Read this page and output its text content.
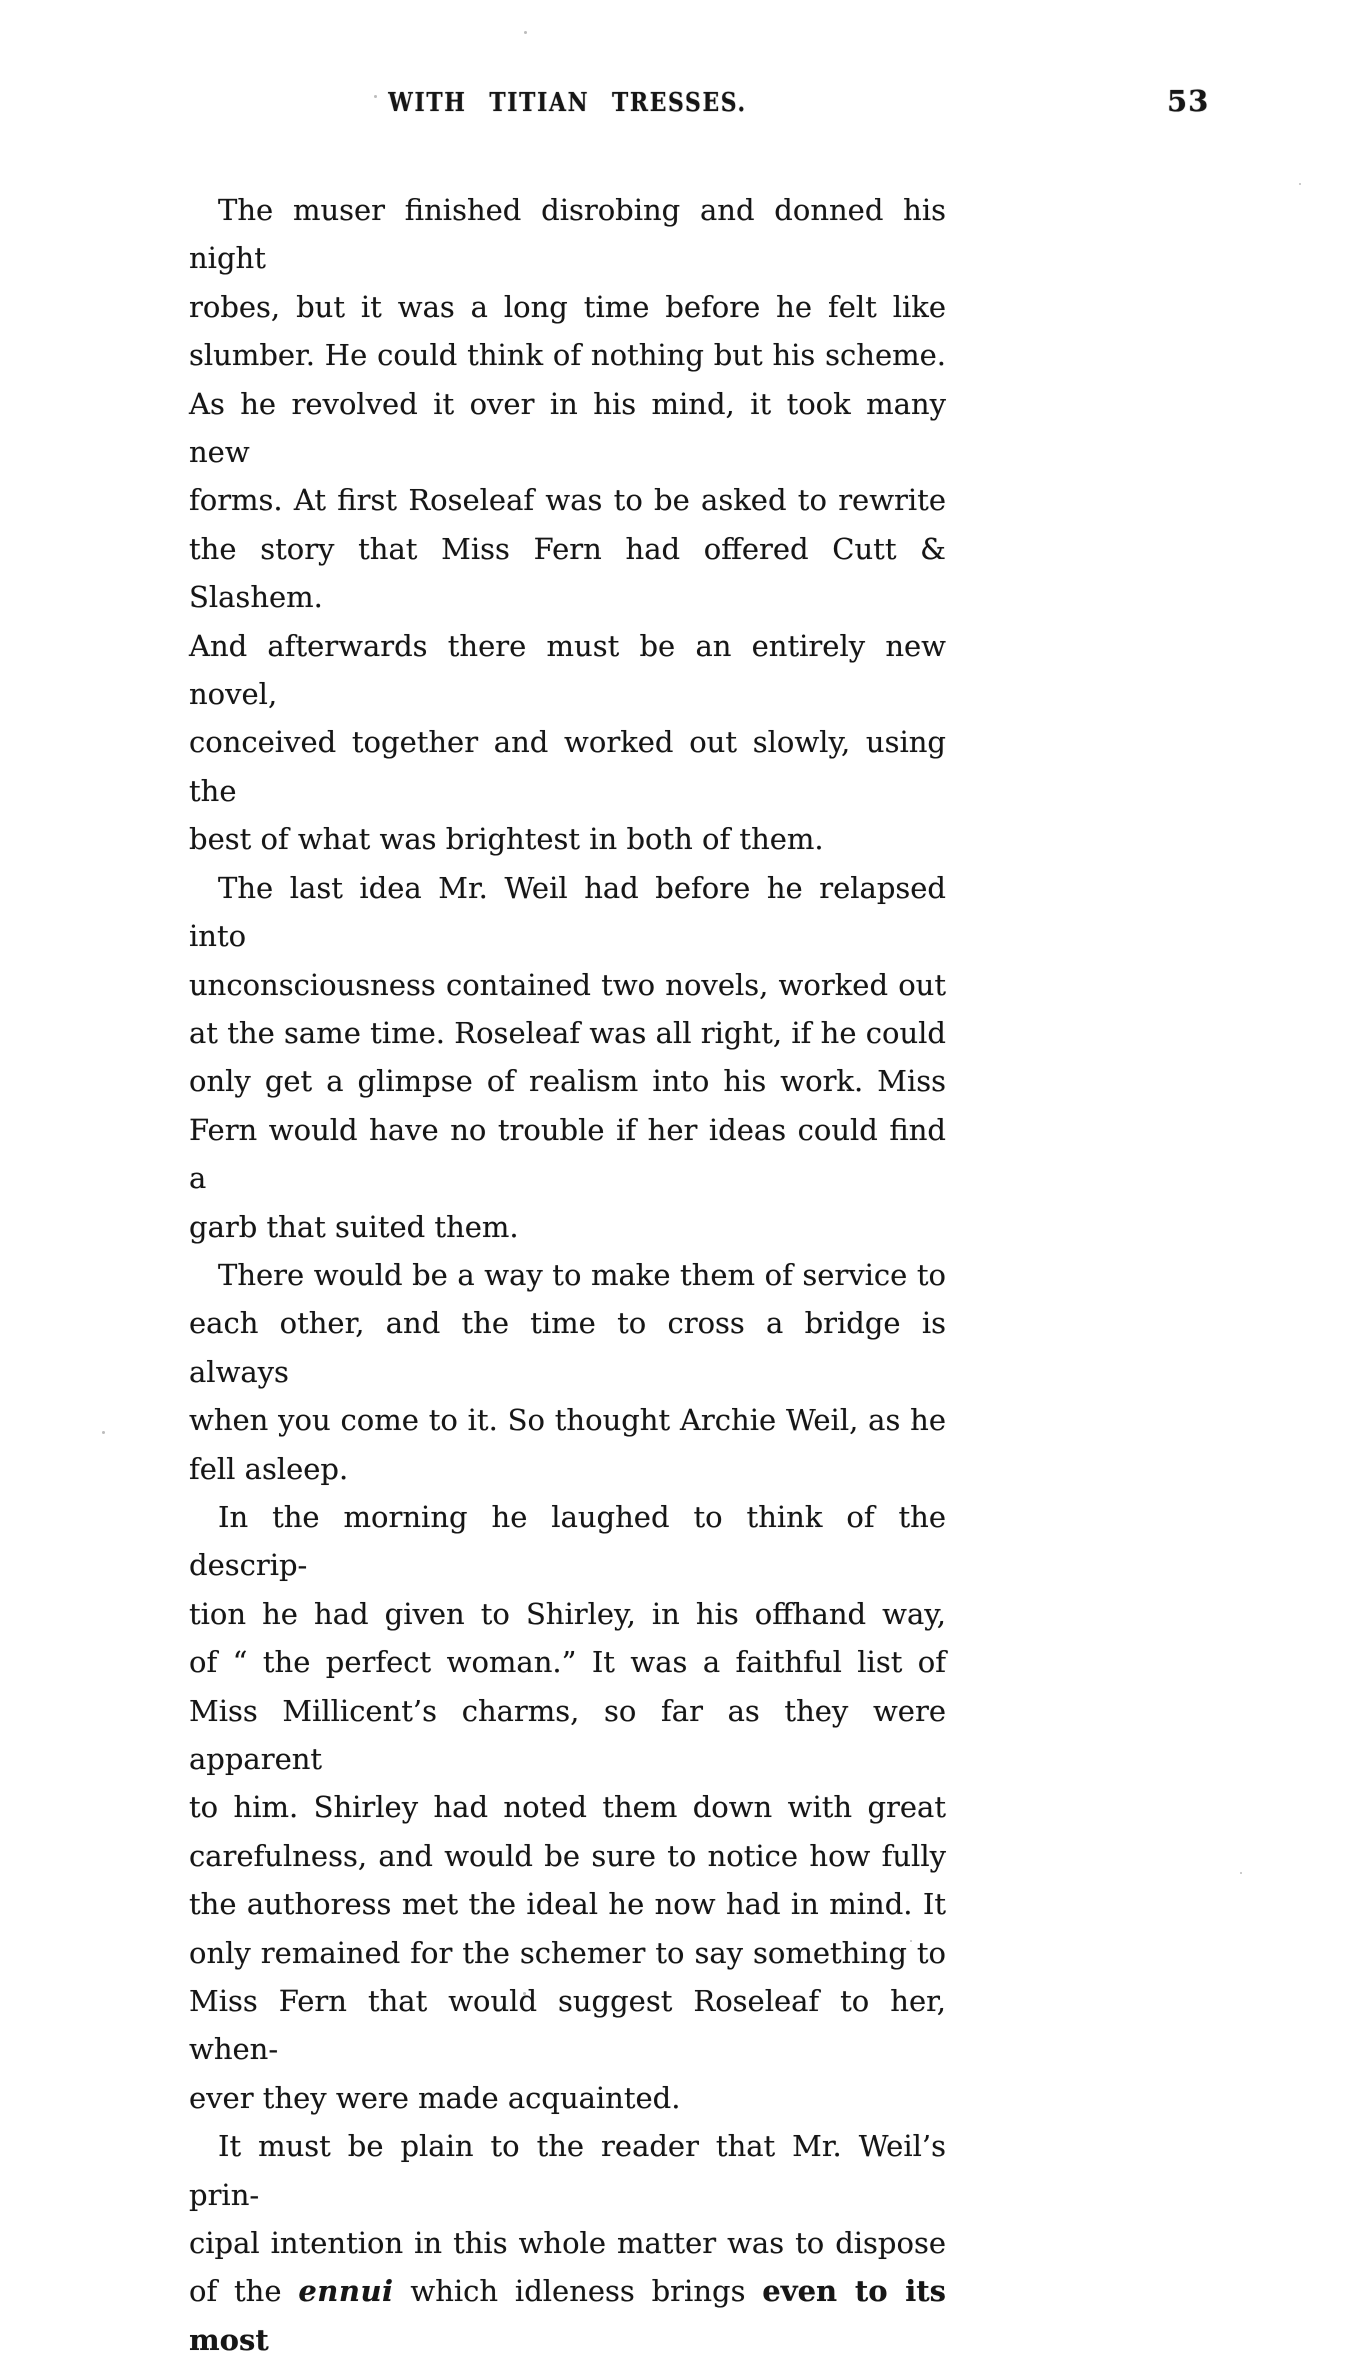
WITH TITIAN TRESSES.	53
The muser finished disrobing and donned his night
robes, but it was a long time before he felt like
slumber. He could think of nothing but his scheme.
As he revolved it over in his mind, it took many new
forms. At first Roseleaf was to be asked to rewrite
the story that Miss Fern had offered Cutt & Slashem.
And afterwards there must be an entirely new novel,
conceived together and worked out slowly, using the
best of what was brightest in both of them.
The last idea Mr. Weil had before he relapsed into
unconsciousness contained two novels, worked out
at the same time. Roseleaf was all right, if he could
only get a glimpse of realism into his work. Miss
Fern would have no trouble if her ideas could find a
garb that suited them.
There would be a way to make them of service to
each other, and the time to cross a bridge is always
when you come to it. So thought Archie Weil, as he
fell asleep.
In the morning he laughed to think of the descrip-
tion he had given to Shirley, in his offhand way,
of “ the perfect woman.” It was a faithful list of
Miss Millicent’s charms, so far as they were apparent
to him. Shirley had noted them down with great
carefulness, and would be sure to notice how fully
the authoress met the ideal he now had in mind. It
only remained for the schemer to say something to
Miss Fern that would suggest Roseleaf to her, when-
ever they were made acquainted.
It must be plain to the reader that Mr. Weil’s prin-
cipal intention in this whole matter was to dispose
of the ennui which idleness brings even to its most
